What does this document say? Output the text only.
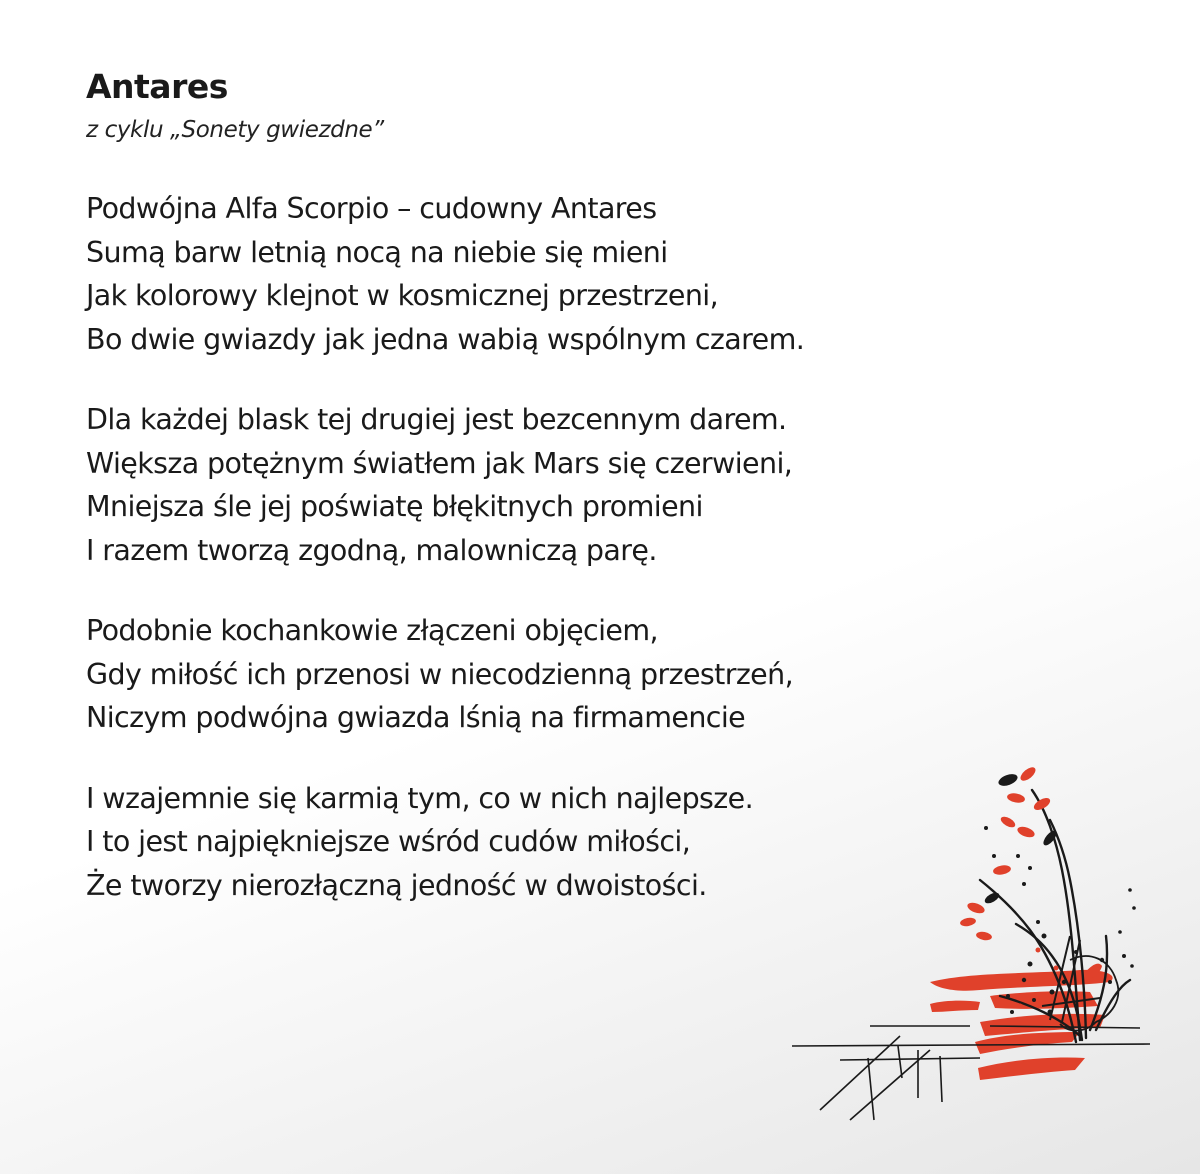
Antares
z cyklu „Sonety gwiezdne”
Podwójna Alfa Scorpio – cudowny Antares
Sumą barw letnią nocą na niebie się mieni
Jak kolorowy klejnot w kosmicznej przestrzeni,
Bo dwie gwiazdy jak jedna wabią wspólnym czarem.
Dla każdej blask tej drugiej jest bezcennym darem.
Większa potężnym światłem jak Mars się czerwieni,
Mniejsza śle jej poświatę błękitnych promieni
I razem tworzą zgodną, malowniczą parę.
Podobnie kochankowie złączeni objęciem,
Gdy miłość ich przenosi w niecodzienną przestrzeń,
Niczym podwójna gwiazda lśnią na firmamencie
I wzajemnie się karmią tym, co w nich najlepsze.
I to jest najpiękniejsze wśród cudów miłości,
Że tworzy nierozłączną jedność w dwoistości.
